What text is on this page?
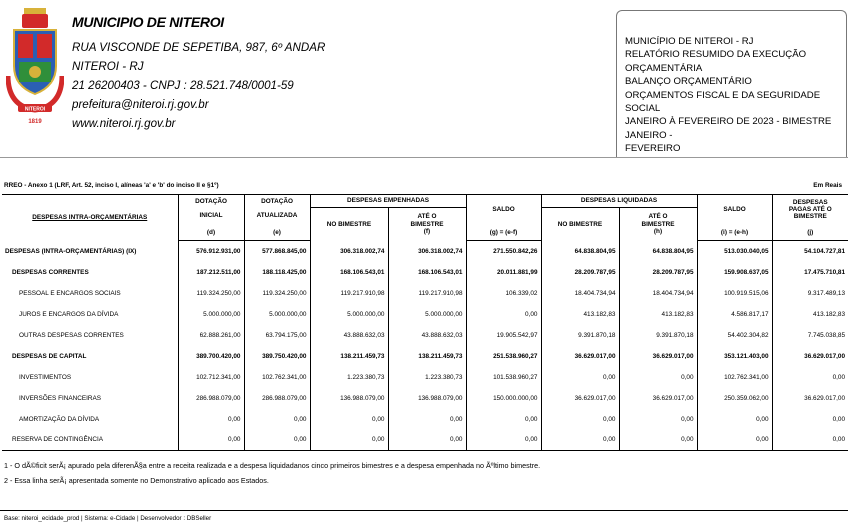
NITEROI
1819
MUNICIPIO DE NITEROI
RUA VISCONDE DE SEPETIBA, 987, 6º ANDAR
NITEROI - RJ
21 26200403 - CNPJ : 28.521.748/0001-59
prefeitura@niteroi.rj.gov.br
www.niteroi.rj.gov.br
MUNICÍPIO DE NITEROI - RJ
RELATÓRIO RESUMIDO DA EXECUÇÃO ORÇAMENTÁRIA
BALANÇO ORÇAMENTÁRIO
ORÇAMENTOS FISCAL E DA SEGURIDADE SOCIAL
JANEIRO À FEVEREIRO DE 2023 - BIMESTRE JANEIRO -
FEVEREIRO
RREO - Anexo 1 (LRF, Art. 52, inciso I, alíneas 'a' e 'b' do inciso II e §1º)	Em Reais
DESPESAS INTRA-ORÇAMENTÁRIAS	DOTAÇÃO	DOTAÇÃO	DESPESAS EMPENHADAS		SALDO	DESPESAS LIQUIDADAS		SALDO	DESPESAS
PAGAS ATÉ O
BIMESTRE
	INICIAL	ATUALIZADA	NO BIMESTRE	ATÉ O
BIMESTRE
(f)		NO BIMESTRE	ATÉ O
BIMESTRE
(h)		
	(d)	(e)			(g) = (e-f)			(i) = (e-h)	(j)
DESPESAS (INTRA-ORÇAMENTÁRIAS) (IX)	576.912.931,00	577.868.845,00	306.318.002,74	306.318.002,74	271.550.842,26	64.838.804,95	64.838.804,95	513.030.040,05	54.104.727,81
DESPESAS CORRENTES	187.212.511,00	188.118.425,00	168.106.543,01	168.106.543,01	20.011.881,99	28.209.787,95	28.209.787,95	159.908.637,05	17.475.710,81
PESSOAL E ENCARGOS SOCIAIS	119.324.250,00	119.324.250,00	119.217.910,98	119.217.910,98	106.339,02	18.404.734,94	18.404.734,94	100.919.515,06	9.317.489,13
JUROS E ENCARGOS DA DÍVIDA	5.000.000,00	5.000.000,00	5.000.000,00	5.000.000,00	0,00	413.182,83	413.182,83	4.586.817,17	413.182,83
OUTRAS DESPESAS CORRENTES	62.888.261,00	63.794.175,00	43.888.632,03	43.888.632,03	19.905.542,97	9.391.870,18	9.391.870,18	54.402.304,82	7.745.038,85
DESPESAS DE CAPITAL	389.700.420,00	389.750.420,00	138.211.459,73	138.211.459,73	251.538.960,27	36.629.017,00	36.629.017,00	353.121.403,00	36.629.017,00
INVESTIMENTOS	102.712.341,00	102.762.341,00	1.223.380,73	1.223.380,73	101.538.960,27	0,00	0,00	102.762.341,00	0,00
INVERSÕES FINANCEIRAS	286.988.079,00	286.988.079,00	136.988.079,00	136.988.079,00	150.000.000,00	36.629.017,00	36.629.017,00	250.359.062,00	36.629.017,00
AMORTIZAÇÃO DA DÍVIDA	0,00	0,00	0,00	0,00	0,00	0,00	0,00	0,00	0,00
RESERVA DE CONTINGÊNCIA	0,00	0,00	0,00	0,00	0,00	0,00	0,00	0,00	0,00
1 - O dÃ©ficit serÃ¡ apurado pela diferenÃ§a entre a receita realizada e a despesa liquidadanos cinco primeiros bimestres e a despesa empenhada no Ãºltimo bimestre.
2 - Essa linha serÃ¡ apresentada somente no Demonstrativo aplicado aos Estados.
Base: niteroi_ecidade_prod | Sistema: e-Cidade | Desenvolvedor : DBSeller
